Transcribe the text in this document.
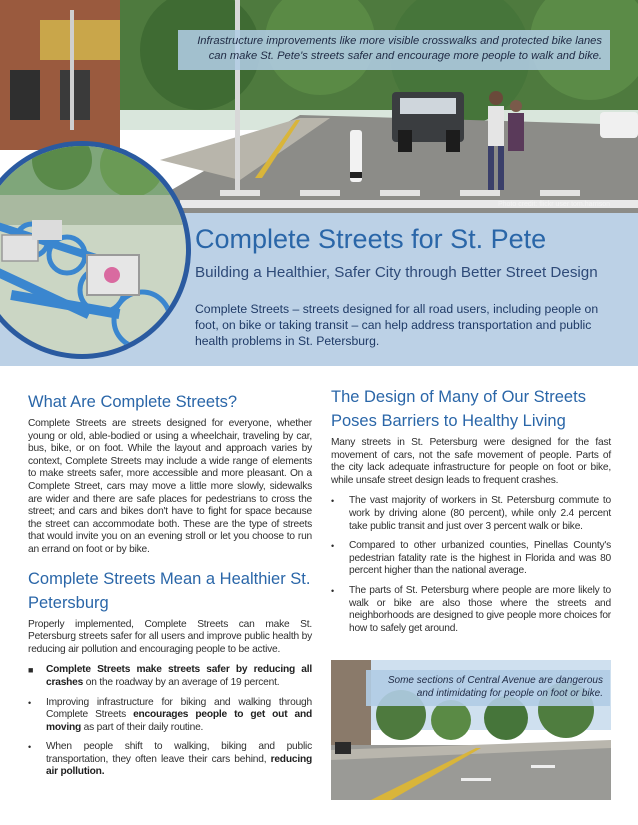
Infrastructure improvements like more visible crosswalks and protected bike lanes can make St. Pete's streets safer and encourage more people to walk and bike.
Photo credit: flickr user tom.harrison
Complete Streets for St. Pete
Building a Healthier, Safer City through Better Street Design
Complete Streets – streets designed for all road users, including people on foot, on bike or taking transit – can help address transportation and public health problems in St. Petersburg.
What Are Complete Streets?

Complete Streets are streets designed for everyone, whether young or old, able-bodied or using a wheelchair, traveling by car, bus, bike, or on foot. While the layout and approach varies by context, Complete Streets may include a wide range of elements to make streets safer, more accessible and more pleasant. On a Complete Street, cars may move a little more slowly, sidewalks are wider and there are safe places for pedestrians to cross the street; and cars and bikes don't have to fight for space because the street can accommodate both. These are the type of streets that would invite you on an evening stroll or let you choose to run an errand on foot or by bike.

Complete Streets Mean a Healthier St. Petersburg

Properly implemented, Complete Streets can make St. Petersburg streets safer for all users and improve public health by reducing air pollution and encouraging people to be active.

■ Complete Streets make streets safer by reducing all crashes on the roadway by an average of 19 percent.
• Improving infrastructure for biking and walking through Complete Streets encourages people to get out and moving as part of their daily routine.
• When people shift to walking, biking and public transportation, they often leave their cars behind, reducing air pollution.
The Design of Many of Our Streets Poses Barriers to Healthy Living

Many streets in St. Petersburg were designed for the fast movement of cars, not the safe movement of people. Parts of the city lack adequate infrastructure for people on foot or bike, while unsafe street design leads to frequent crashes.

• The vast majority of workers in St. Petersburg commute to work by driving alone (80 percent), while only 2.4 percent take public transit and just over 3 percent walk or bike.
• Compared to other urbanized counties, Pinellas County's pedestrian fatality rate is the highest in Florida and was 80 percent higher than the national average.
• The parts of St. Petersburg where people are more likely to walk or bike are also those where the streets and neighborhoods are designed to give people more choices for how to safely get around.
Some sections of Central Avenue are dangerous and intimidating for people on foot or bike.
